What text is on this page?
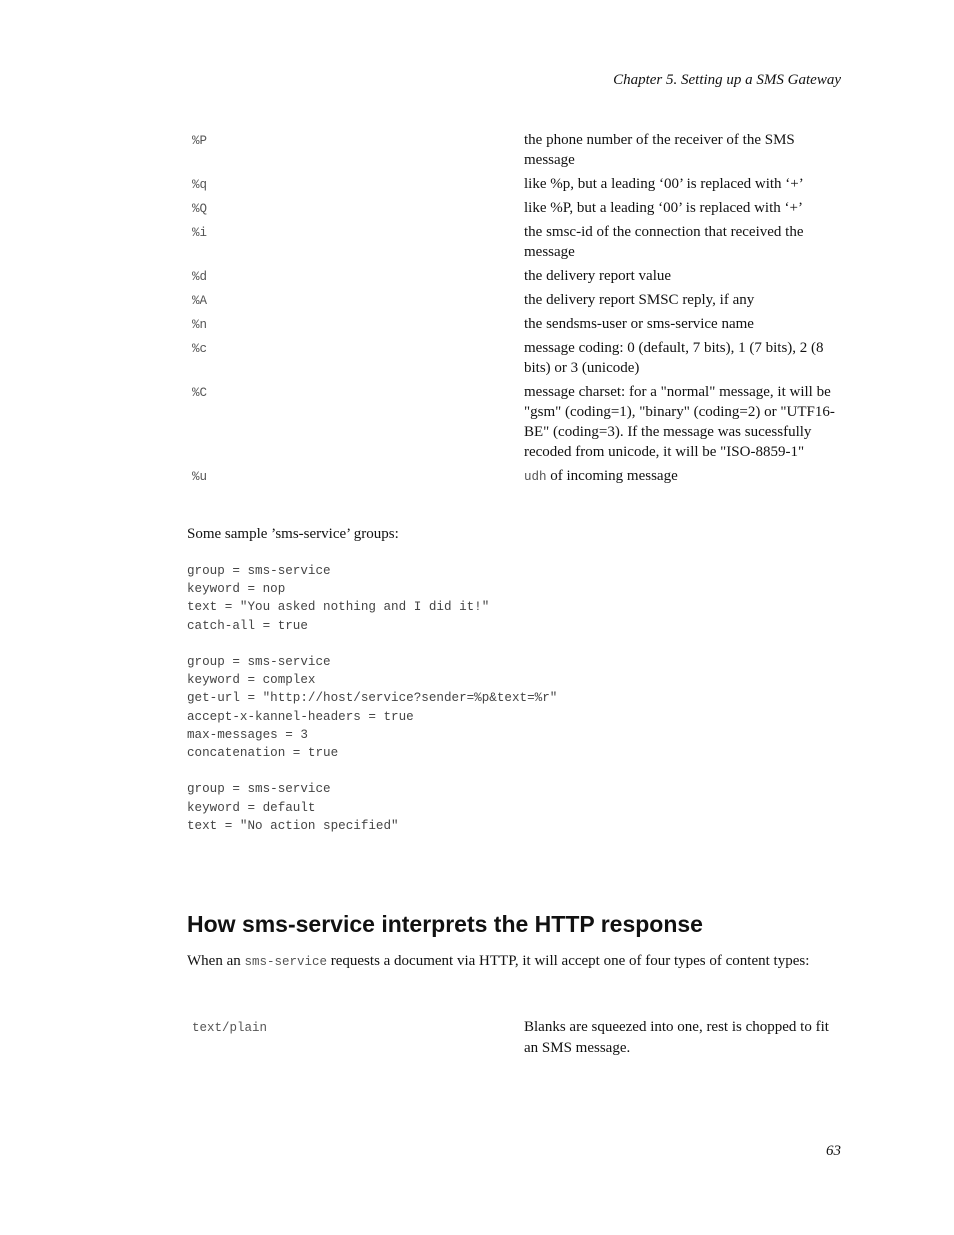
Chapter 5. Setting up a SMS Gateway
%P	the phone number of the receiver of the SMS message
%q	like %p, but a leading ‘00’ is replaced with ‘+’
%Q	like %P, but a leading ‘00’ is replaced with ‘+’
%i	the smsc-id of the connection that received the message
%d	the delivery report value
%A	the delivery report SMSC reply, if any
%n	the sendsms-user or sms-service name
%c	message coding: 0 (default, 7 bits), 1 (7 bits), 2 (8 bits) or 3 (unicode)
%C	message charset: for a "normal" message, it will be "gsm" (coding=1), "binary" (coding=2) or "UTF16-BE" (coding=3). If the message was sucessfully recoded from unicode, it will be "ISO-8859-1"
%u	udh of incoming message
Some sample ’sms-service’ groups:
group = sms-service
keyword = nop
text = "You asked nothing and I did it!"
catch-all = true

group = sms-service
keyword = complex
get-url = "http://host/service?sender=%p&text=%r"
accept-x-kannel-headers = true
max-messages = 3
concatenation = true

group = sms-service
keyword = default
text = "No action specified"
How sms-service interprets the HTTP response
When an sms-service requests a document via HTTP, it will accept one of four types of content types:
text/plain	Blanks are squeezed into one, rest is chopped to fit an SMS message.
63
